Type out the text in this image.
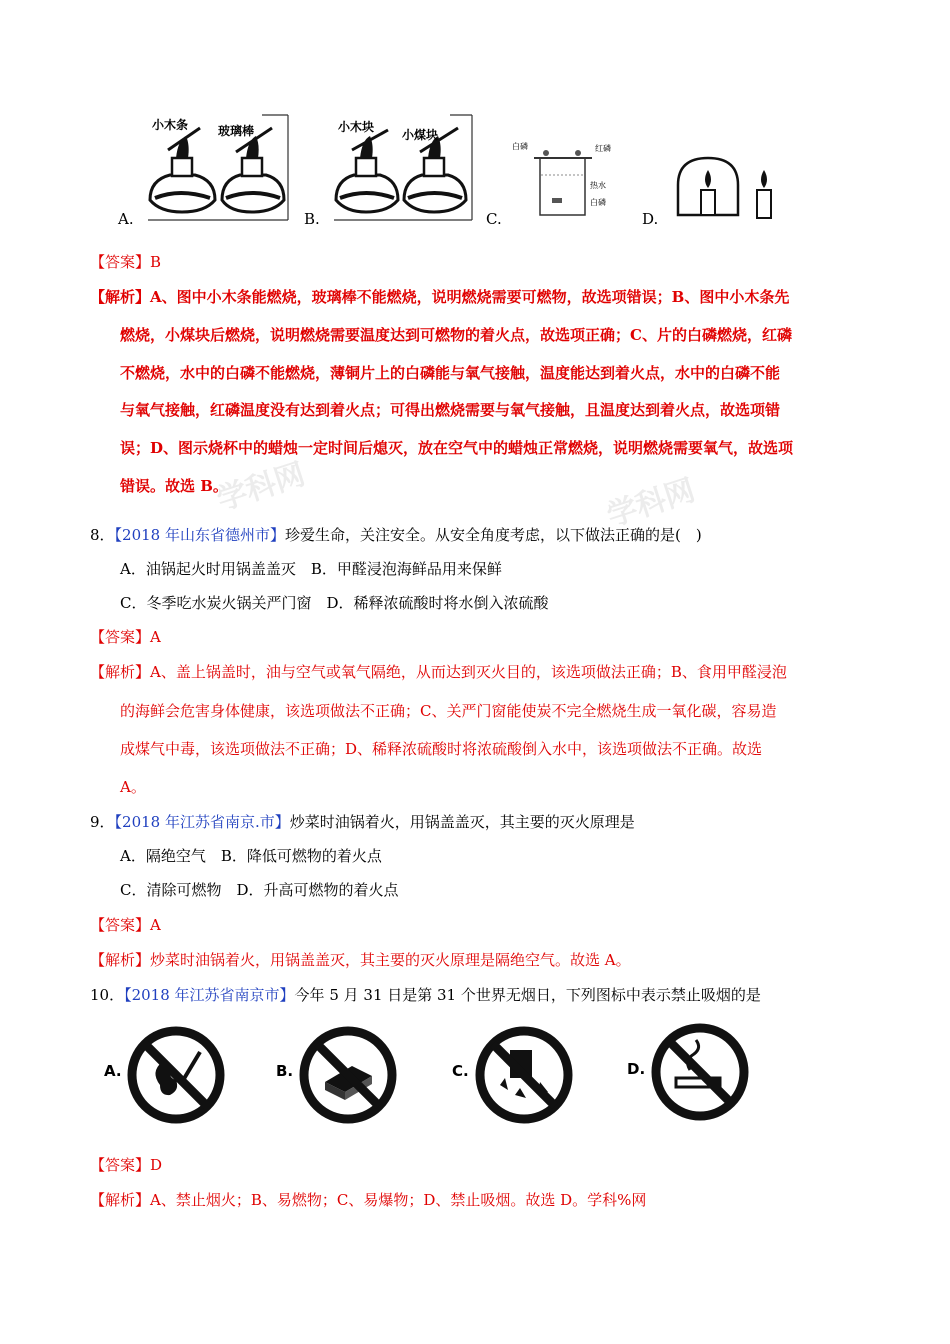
小木条 玻璃棒
A.
小木块
小煤块
B.
白磷	红磷
热水
白磷
C.	D.
【答案】B
【解析】A、图中小木条能燃烧，玻璃棒不能燃烧，说明燃烧需要可燃物，故选项错误；B、图中小木条先
燃烧，小煤块后燃烧，说明燃烧需要温度达到可燃物的着火点，故选项正确；C、片的白磷燃烧，红磷
不燃烧，水中的白磷不能燃烧，薄铜片上的白磷能与氧气接触，温度能达到着火点，水中的白磷不能
与氧气接触，红磷温度没有达到着火点；可得出燃烧需要与氧气接触，且温度达到着火点，故选项错
误；D、图示烧杯中的蜡烛一定时间后熄灭，放在空气中的蜡烛正常燃烧，说明燃烧需要氧气，故选项
错误。故选 B。
学科网	学科网
8．【2018 年山东省德州市】珍爱生命，关注安全。从安全角度考虑，以下做法正确的是(　)
A．油锅起火时用锅盖盖灭　B．甲醛浸泡海鲜品用来保鲜
C．冬季吃水炭火锅关严门窗　D．稀释浓硫酸时将水倒入浓硫酸
【答案】A
【解析】A、盖上锅盖时，油与空气或氧气隔绝，从而达到灭火目的，该选项做法正确；B、食用甲醛浸泡
的海鲜会危害身体健康，该选项做法不正确；C、关严门窗能使炭不完全燃烧生成一氧化碳，容易造
成煤气中毒，该选项做法不正确；D、稀释浓硫酸时将浓硫酸倒入水中，该选项做法不正确。故选
A。
9．【2018 年江苏省南京.市】炒菜时油锅着火，用锅盖盖灭，其主要的灭火原理是
A．隔绝空气　B．降低可燃物的着火点
C．清除可燃物　D．升高可燃物的着火点
【答案】A
【解析】炒菜时油锅着火，用锅盖盖灭，其主要的灭火原理是隔绝空气。故选 A。
10．【2018 年江苏省南京市】今年 5 月 31 日是第 31 个世界无烟日，下列图标中表示禁止吸烟的是
A.	B.	C.	D.
【答案】D
【解析】A、禁止烟火；B、易燃物；C、易爆物；D、禁止吸烟。故选 D。学科%网
